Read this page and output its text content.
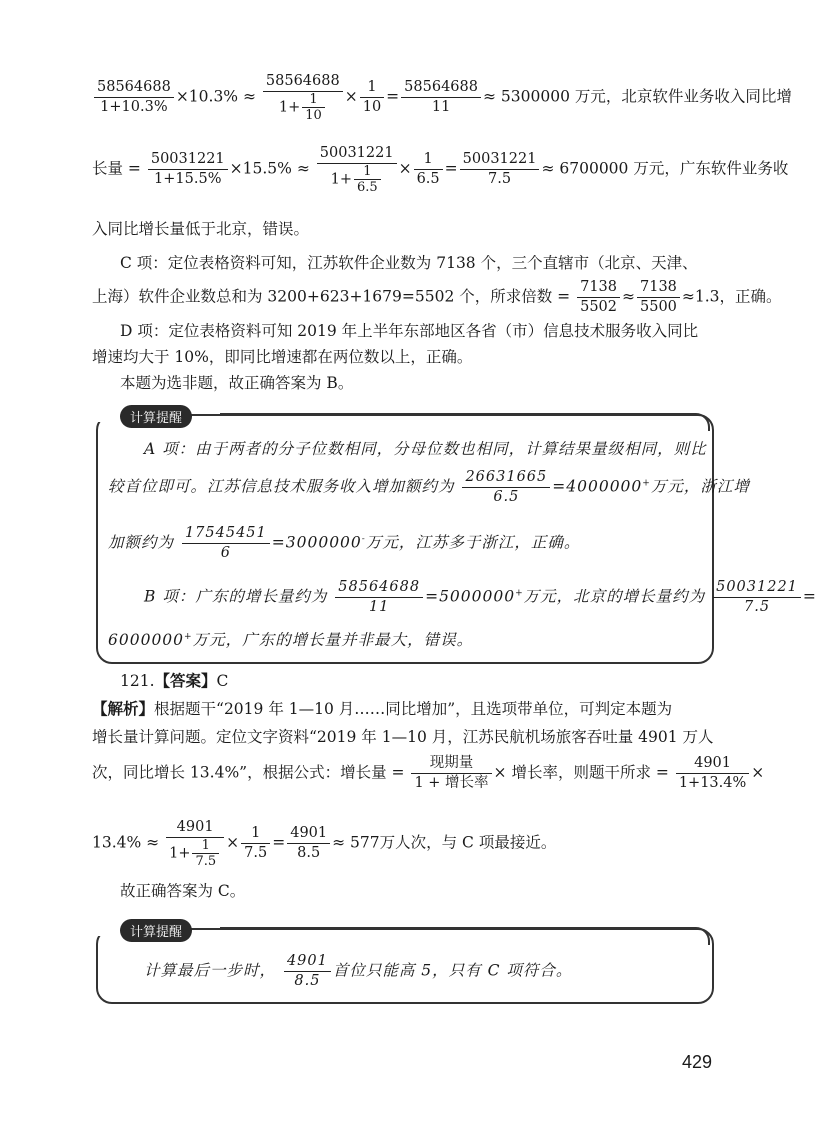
$\frac{58564688}{1+10.3\%} \times 10.3\% \approx \frac{58564688}{1+ \frac{1}{10}} \times \frac{1}{10} = \frac{58564688}{11} \approx 5300000$ 万元，北京软件业务收入同比增
长量 = $\frac{50031221}{1+15.5\%} \times 15.5\% \approx \frac{50031221}{1+ \frac{1}{6.5}} \times \frac{1}{6.5} = \frac{50031221}{7.5} \approx 6700000$ 万元，广东软件业务收
入同比增长量低于北京，错误。
C 项：定位表格资料可知，江苏软件企业数为 7138 个，三个直辖市（北京、天津、
上海）软件企业数总和为 3200+623+1679=5502 个，所求倍数 = $\frac{7138}{5502} \approx \frac{7138}{5500} \approx 1.3$，正确。
D 项：定位表格资料可知 2019 年上半年东部地区各省（市）信息技术服务收入同比
增速均大于 10%，即同比增速都在两位数以上，正确。
本题为选非题，故正确答案为 B。
计算提醒
A 项：由于两者的分子位数相同，分母位数也相同，计算结果量级相同，则比
较首位即可。江苏信息技术服务收入增加额约为 $\frac{26631665}{6.5} =4000000^+$万元，浙江增
加额约为 $\frac{17545451}{6} =3000000^-$万元，江苏多于浙江，正确。
B 项：广东的增长量约为 $\frac{58564688}{11} =5000000^+$万元，北京的增长量约为 $\frac{50031221}{7.5}$ =
6000000+万元，广东的增长量并非最大，错误。
121.【答案】C
【解析】根据题干“2019 年 1—10 月……同比增加”，且选项带单位，可判定本题为
增长量计算问题。定位文字资料“2019 年 1—10 月，江苏民航机场旅客吞吐量 4901 万人
次，同比增长 13.4%”，根据公式：增长量 = $\frac{\text{现期量}}{\text{1 + 增长率}}$ × 增长率，则题干所求 = $\frac{4901}{1+13.4\%}$ ×
$13.4\% \approx \frac{4901}{1+ \frac{1}{7.5}} \times \frac{1}{7.5} = \frac{4901}{8.5} \approx 577$万人次，与 C 项最接近。
故正确答案为 C。
计算提醒
计算最后一步时， $\frac{4901}{8.5}$ 首位只能高 5，只有 C 项符合。
429
